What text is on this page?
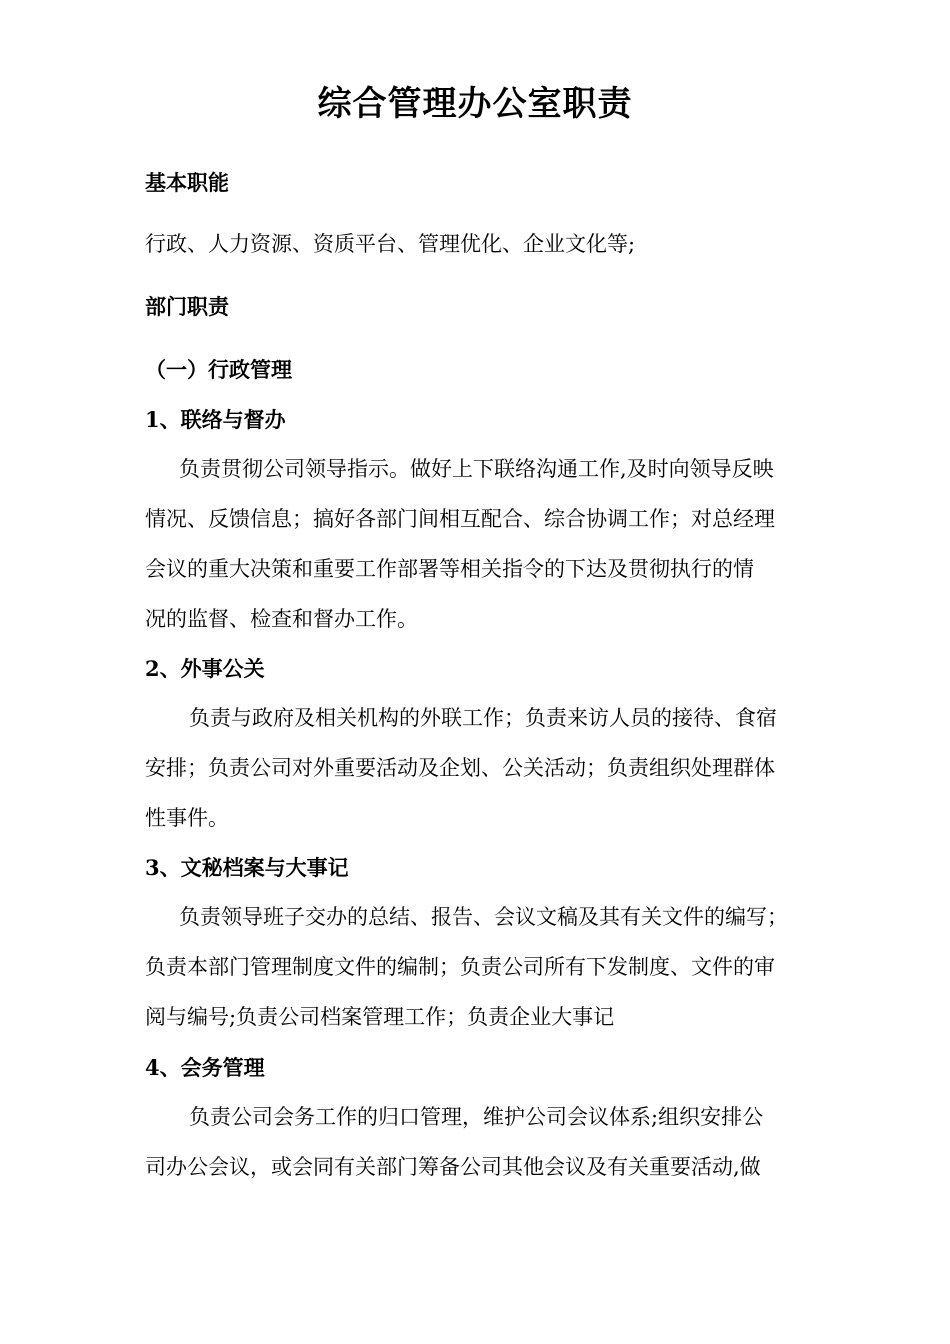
综合管理办公室职责
基本职能
行政、人力资源、资质平台、管理优化、企业文化等;
部门职责
（一）行政管理
1、联络与督办
负责贯彻公司领导指示。做好上下联络沟通工作,及时向领导反映
情况、反馈信息；搞好各部门间相互配合、综合协调工作；对总经理
会议的重大决策和重要工作部署等相关指令的下达及贯彻执行的情
况的监督、检查和督办工作。
2、外事公关
负责与政府及相关机构的外联工作；负责来访人员的接待、食宿
安排；负责公司对外重要活动及企划、公关活动；负责组织处理群体
性事件。
3、文秘档案与大事记
负责领导班子交办的总结、报告、会议文稿及其有关文件的编写；
负责本部门管理制度文件的编制；负责公司所有下发制度、文件的审
阅与编号;负责公司档案管理工作；负责企业大事记
4、会务管理
负责公司会务工作的归口管理，维护公司会议体系;组织安排公
司办公会议，或会同有关部门筹备公司其他会议及有关重要活动,做
